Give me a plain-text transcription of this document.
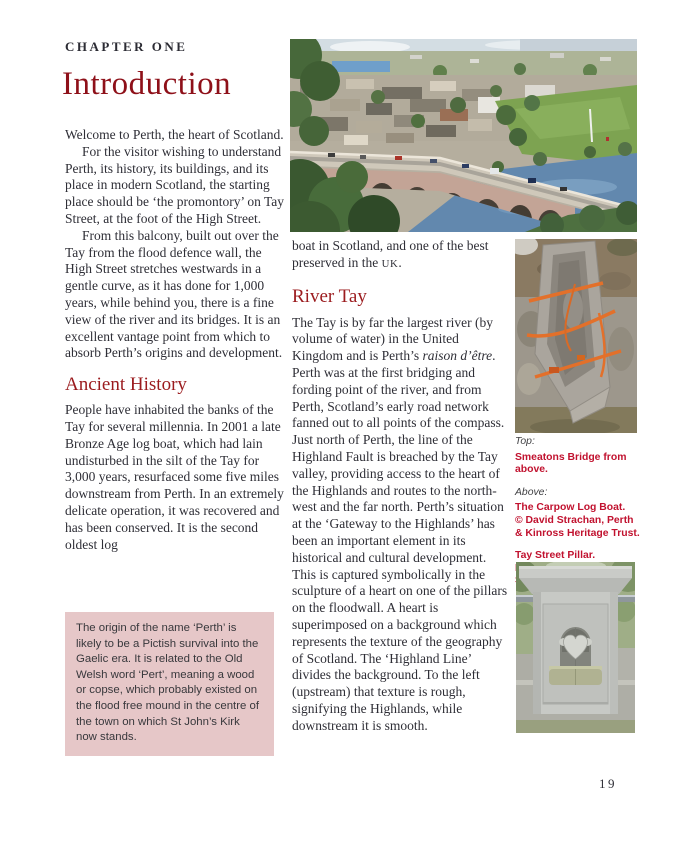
CHAPTER ONE
Introduction

Welcome to Perth, the heart of Scotland.

For the visitor wishing to understand Perth, its history, its buildings, and its place in modern Scotland, the starting place should be ‘the promontory’ on Tay Street, at the foot of the High Street.

From this balcony, built out over the Tay from the flood defence wall, the High Street stretches westwards in a gentle curve, as it has done for 1,000 years, while behind you, there is a fine view of the river and its bridges. It is an excellent vantage point from which to absorb Perth’s origins and development.

Ancient History

People have inhabited the banks of the Tay for several millennia. In 2001 a late Bronze Age log boat, which had lain undisturbed in the silt of the Tay for 3,000 years, resurfaced some five miles downstream from Perth. In an extremely delicate operation, it was recovered and has been conserved. It is the second oldest log

The origin of the name ‘Perth’ is likely to be a Pictish survival into the Gaelic era. It is related to the Old Welsh word ‘Pert’, meaning a wood or copse, which probably existed on the flood free mound in the centre of the town on which St John’s Kirk now stands.

boat in Scotland, and one of the best preserved in the UK.

River Tay

The Tay is by far the largest river (by volume of water) in the United Kingdom and is Perth’s raison d’être. Perth was at the first bridging and fording point of the river, and from Perth, Scotland’s early road network fanned out to all points of the compass. Just north of Perth, the line of the Highland Fault is breached by the Tay valley, providing access to the heart of the Highlands and routes to the north-west and the far north. Perth’s situation at the ‘Gateway to the Highlands’ has been an important element in its historical and cultural development. This is captured symbolically in the sculpture of a heart on one of the pillars on the floodwall. A heart is superimposed on a background which represents the texture of the geography of Scotland. The ‘Highland Line’ divides the background. To the left (upstream) that texture is rough, signifying the Highlands, while downstream it is smooth.

Top:

Smeatons Bridge from above.

Above:

The Carpow Log Boat.

© David Strachan, Perth

& Kinross Heritage Trust.

Tay Street Pillar.

19
